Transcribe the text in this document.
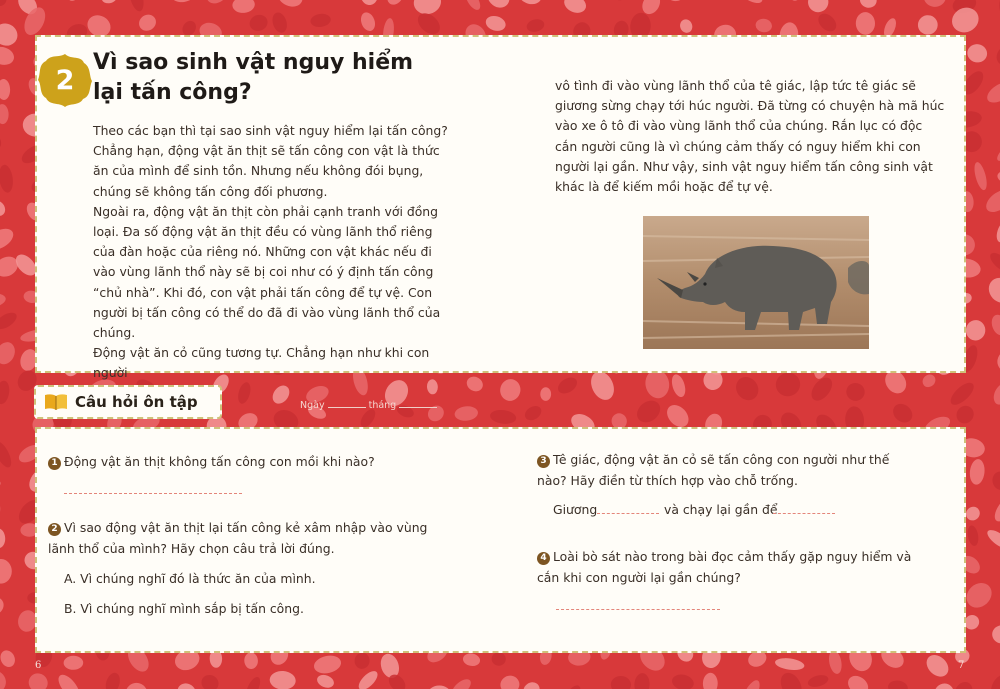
2
Vì sao sinh vật nguy hiểm
lại tấn công?

Theo các bạn thì tại sao sinh vật nguy hiểm lại tấn công? Chẳng hạn, động vật ăn thịt sẽ tấn công con vật là thức ăn của mình để sinh tồn. Nhưng nếu không đói bụng, chúng sẽ không tấn công đối phương.

Ngoài ra, động vật ăn thịt còn phải cạnh tranh với đồng loại. Đa số động vật ăn thịt đều có vùng lãnh thổ riêng của đàn hoặc của riêng nó. Những con vật khác nếu đi vào vùng lãnh thổ này sẽ bị coi như có ý định tấn công “chủ nhà”. Khi đó, con vật phải tấn công để tự vệ. Con người bị tấn công có thể do đã đi vào vùng lãnh thổ của chúng.

Động vật ăn cỏ cũng tương tự. Chẳng hạn như khi con người

vô tình đi vào vùng lãnh thổ của tê giác, lập tức tê giác sẽ giương sừng chạy tới húc người. Đã từng có chuyện hà mã húc vào xe ô tô đi vào vùng lãnh thổ của chúng. Rắn lục có độc cắn người cũng là vì chúng cảm thấy có nguy hiểm khi con người lại gần. Như vậy, sinh vật nguy hiểm tấn công sinh vật khác là để kiếm mồi hoặc để tự vệ.

Câu hỏi ôn tập	Ngày	tháng
1 Động vật ăn thịt không tấn công con mồi khi nào?
2 Vì sao động vật ăn thịt lại tấn công kẻ xâm nhập vào vùng lãnh thổ của mình? Hãy chọn câu trả lời đúng.
A. Vì chúng nghĩ đó là thức ăn của mình.
B. Vì chúng nghĩ mình sắp bị tấn công.
3 Tê giác, động vật ăn cỏ sẽ tấn công con người như thế nào? Hãy điền từ thích hợp vào chỗ trống.
Giương	và chạy lại gần để
4 Loài bò sát nào trong bài đọc cảm thấy gặp nguy hiểm và cắn khi con người lại gần chúng?
6	7
